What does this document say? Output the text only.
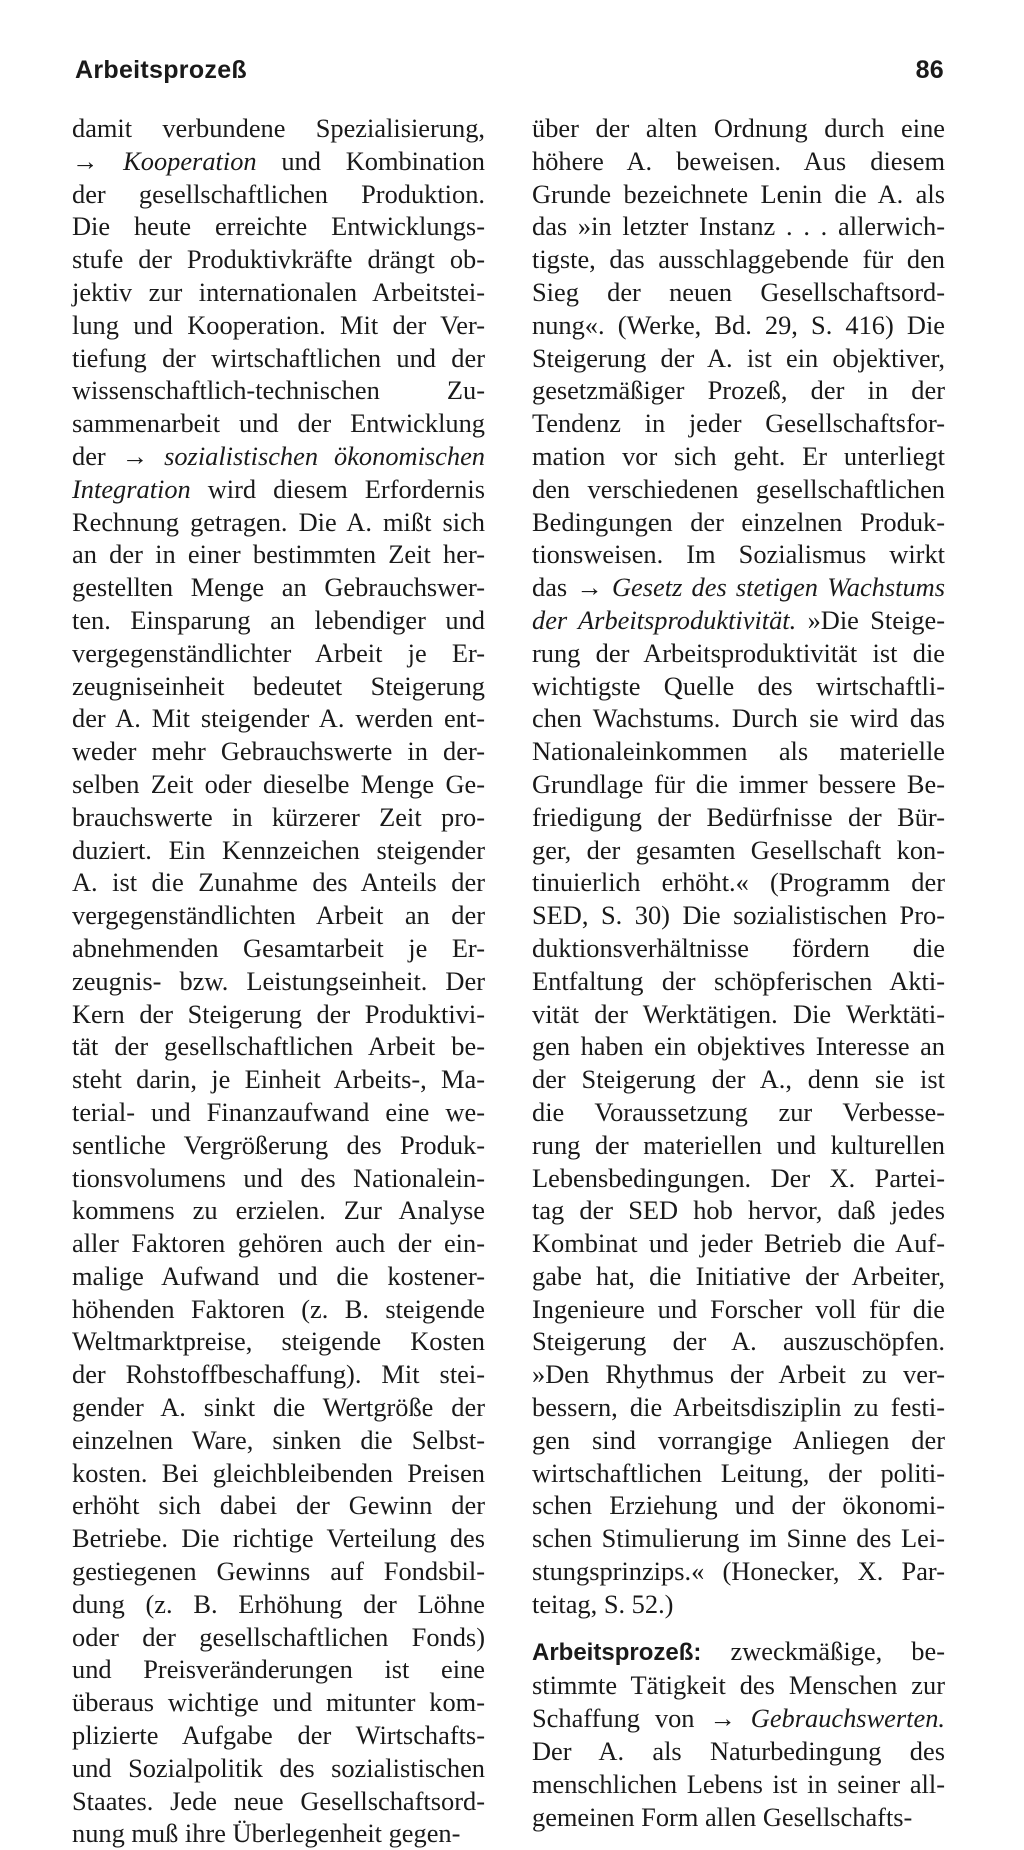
Arbeitsprozeß	86

damit verbundene Spezialisierung,
→ Kooperation und Kombination
der gesellschaftlichen Produktion.
Die heute erreichte Entwicklungs-
stufe der Produktivkräfte drängt ob-
jektiv zur internationalen Arbeitstei-
lung und Kooperation. Mit der Ver-
tiefung der wirtschaftlichen und der
wissenschaftlich-technischen Zu-
sammenarbeit und der Entwicklung
der → sozialistischen ökonomischen
Integration wird diesem Erfordernis
Rechnung getragen. Die A. mißt sich
an der in einer bestimmten Zeit her-
gestellten Menge an Gebrauchswer-
ten. Einsparung an lebendiger und
vergegenständlichter Arbeit je Er-
zeugniseinheit bedeutet Steigerung
der A. Mit steigender A. werden ent-
weder mehr Gebrauchswerte in der-
selben Zeit oder dieselbe Menge Ge-
brauchswerte in kürzerer Zeit pro-
duziert. Ein Kennzeichen steigender
A. ist die Zunahme des Anteils der
vergegenständlichten Arbeit an der
abnehmenden Gesamtarbeit je Er-
zeugnis- bzw. Leistungseinheit. Der
Kern der Steigerung der Produktivi-
tät der gesellschaftlichen Arbeit be-
steht darin, je Einheit Arbeits-, Ma-
terial- und Finanzaufwand eine we-
sentliche Vergrößerung des Produk-
tionsvolumens und des Nationalein-
kommens zu erzielen. Zur Analyse
aller Faktoren gehören auch der ein-
malige Aufwand und die kostener-
höhenden Faktoren (z. B. steigende
Weltmarktpreise, steigende Kosten
der Rohstoffbeschaffung). Mit stei-
gender A. sinkt die Wertgröße der
einzelnen Ware, sinken die Selbst-
kosten. Bei gleichbleibenden Preisen
erhöht sich dabei der Gewinn der
Betriebe. Die richtige Verteilung des
gestiegenen Gewinns auf Fondsbil-
dung (z. B. Erhöhung der Löhne
oder der gesellschaftlichen Fonds)
und Preisveränderungen ist eine
überaus wichtige und mitunter kom-
plizierte Aufgabe der Wirtschafts-
und Sozialpolitik des sozialistischen
Staates. Jede neue Gesellschaftsord-
nung muß ihre Überlegenheit gegen-

über der alten Ordnung durch eine
höhere A. beweisen. Aus diesem
Grunde bezeichnete Lenin die A. als
das »in letzter Instanz . . . allerwich-
tigste, das ausschlaggebende für den
Sieg der neuen Gesellschaftsord-
nung«. (Werke, Bd. 29, S. 416) Die
Steigerung der A. ist ein objektiver,
gesetzmäßiger Prozeß, der in der
Tendenz in jeder Gesellschaftsfor-
mation vor sich geht. Er unterliegt
den verschiedenen gesellschaftlichen
Bedingungen der einzelnen Produk-
tionsweisen. Im Sozialismus wirkt
das → Gesetz des stetigen Wachstums
der Arbeitsproduktivität. »Die Steige-
rung der Arbeitsproduktivität ist die
wichtigste Quelle des wirtschaftli-
chen Wachstums. Durch sie wird das
Nationaleinkommen als materielle
Grundlage für die immer bessere Be-
friedigung der Bedürfnisse der Bür-
ger, der gesamten Gesellschaft kon-
tinuierlich erhöht.« (Programm der
SED, S. 30) Die sozialistischen Pro-
duktionsverhältnisse fördern die
Entfaltung der schöpferischen Akti-
vität der Werktätigen. Die Werktäti-
gen haben ein objektives Interesse an
der Steigerung der A., denn sie ist
die Voraussetzung zur Verbesse-
rung der materiellen und kulturellen
Lebensbedingungen. Der X. Partei-
tag der SED hob hervor, daß jedes
Kombinat und jeder Betrieb die Auf-
gabe hat, die Initiative der Arbeiter,
Ingenieure und Forscher voll für die
Steigerung der A. auszuschöpfen.
»Den Rhythmus der Arbeit zu ver-
bessern, die Arbeitsdisziplin zu festi-
gen sind vorrangige Anliegen der
wirtschaftlichen Leitung, der politi-
schen Erziehung und der ökonomi-
schen Stimulierung im Sinne des Lei-
stungsprinzips.« (Honecker, X. Par-
teitag, S. 52.)

Arbeitsprozeß: zweckmäßige, be-
stimmte Tätigkeit des Menschen zur
Schaffung von → Gebrauchswerten.
Der A. als Naturbedingung des
menschlichen Lebens ist in seiner all-
gemeinen Form allen Gesellschafts-
